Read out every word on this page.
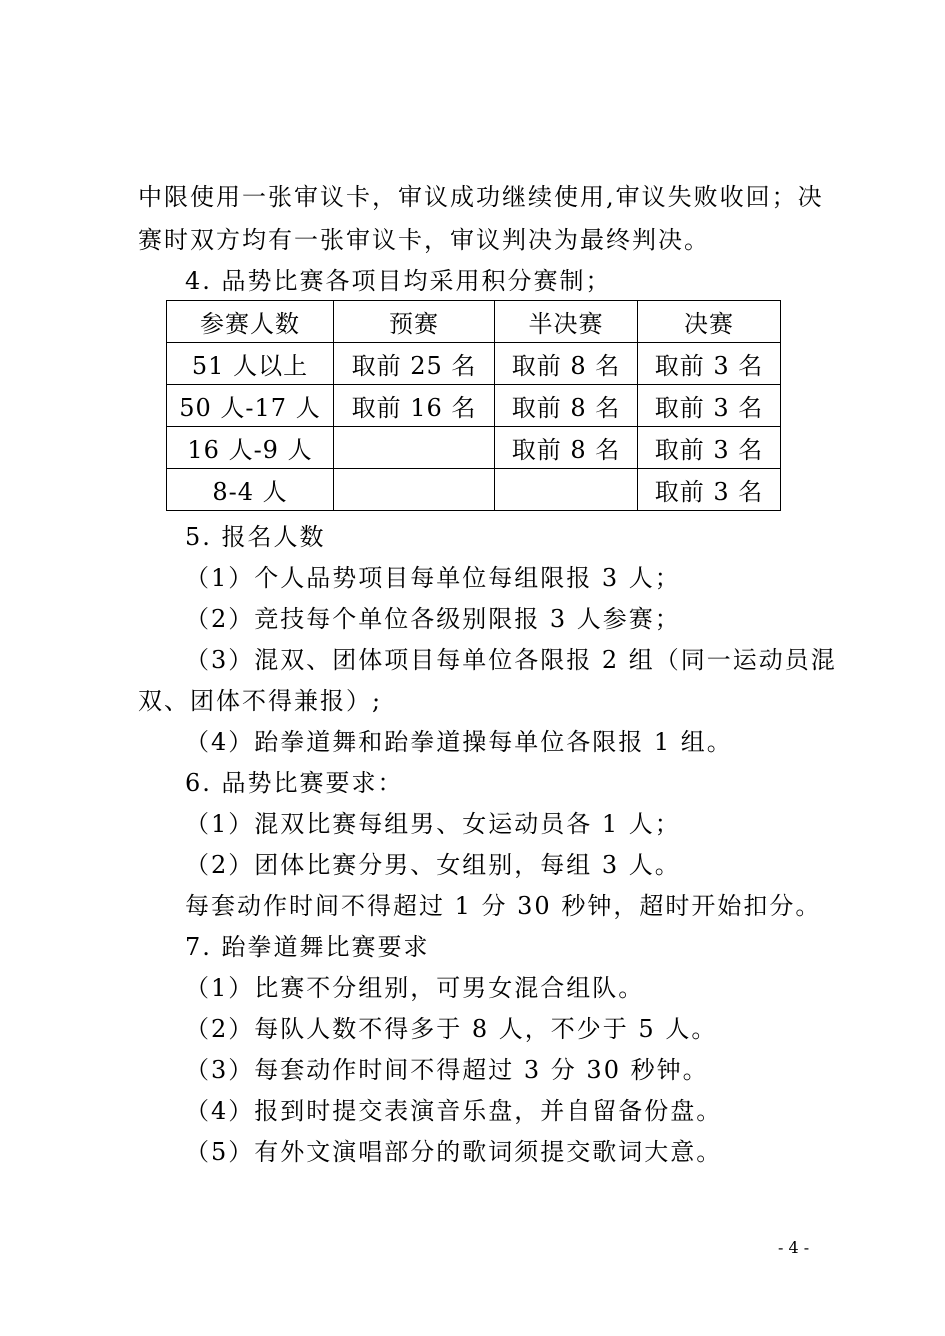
中限使用一张审议卡，审议成功继续使用,审议失败收回；决
赛时双方均有一张审议卡，审议判决为最终判决。
4. 品势比赛各项目均采用积分赛制；
参赛人数	预赛	半决赛	决赛
51 人以上	取前 25 名	取前 8 名	取前 3 名
50 人-17 人	取前 16 名	取前 8 名	取前 3 名
16 人-9 人		取前 8 名	取前 3 名
8-4 人			取前 3 名
5. 报名人数
（1）个人品势项目每单位每组限报 3 人；
（2）竞技每个单位各级别限报 3 人参赛；
（3）混双、团体项目每单位各限报 2 组（同一运动员混
双、团体不得兼报）;
（4）跆拳道舞和跆拳道操每单位各限报 1 组。
6. 品势比赛要求：
（1）混双比赛每组男、女运动员各 1 人；
（2）团体比赛分男、女组别，每组 3 人。
每套动作时间不得超过 1 分 30 秒钟，超时开始扣分。
7. 跆拳道舞比赛要求
（1）比赛不分组别，可男女混合组队。
（2）每队人数不得多于 8 人，不少于 5 人。
（3）每套动作时间不得超过 3 分 30 秒钟。
（4）报到时提交表演音乐盘，并自留备份盘。
（5）有外文演唱部分的歌词须提交歌词大意。
- 4 -
